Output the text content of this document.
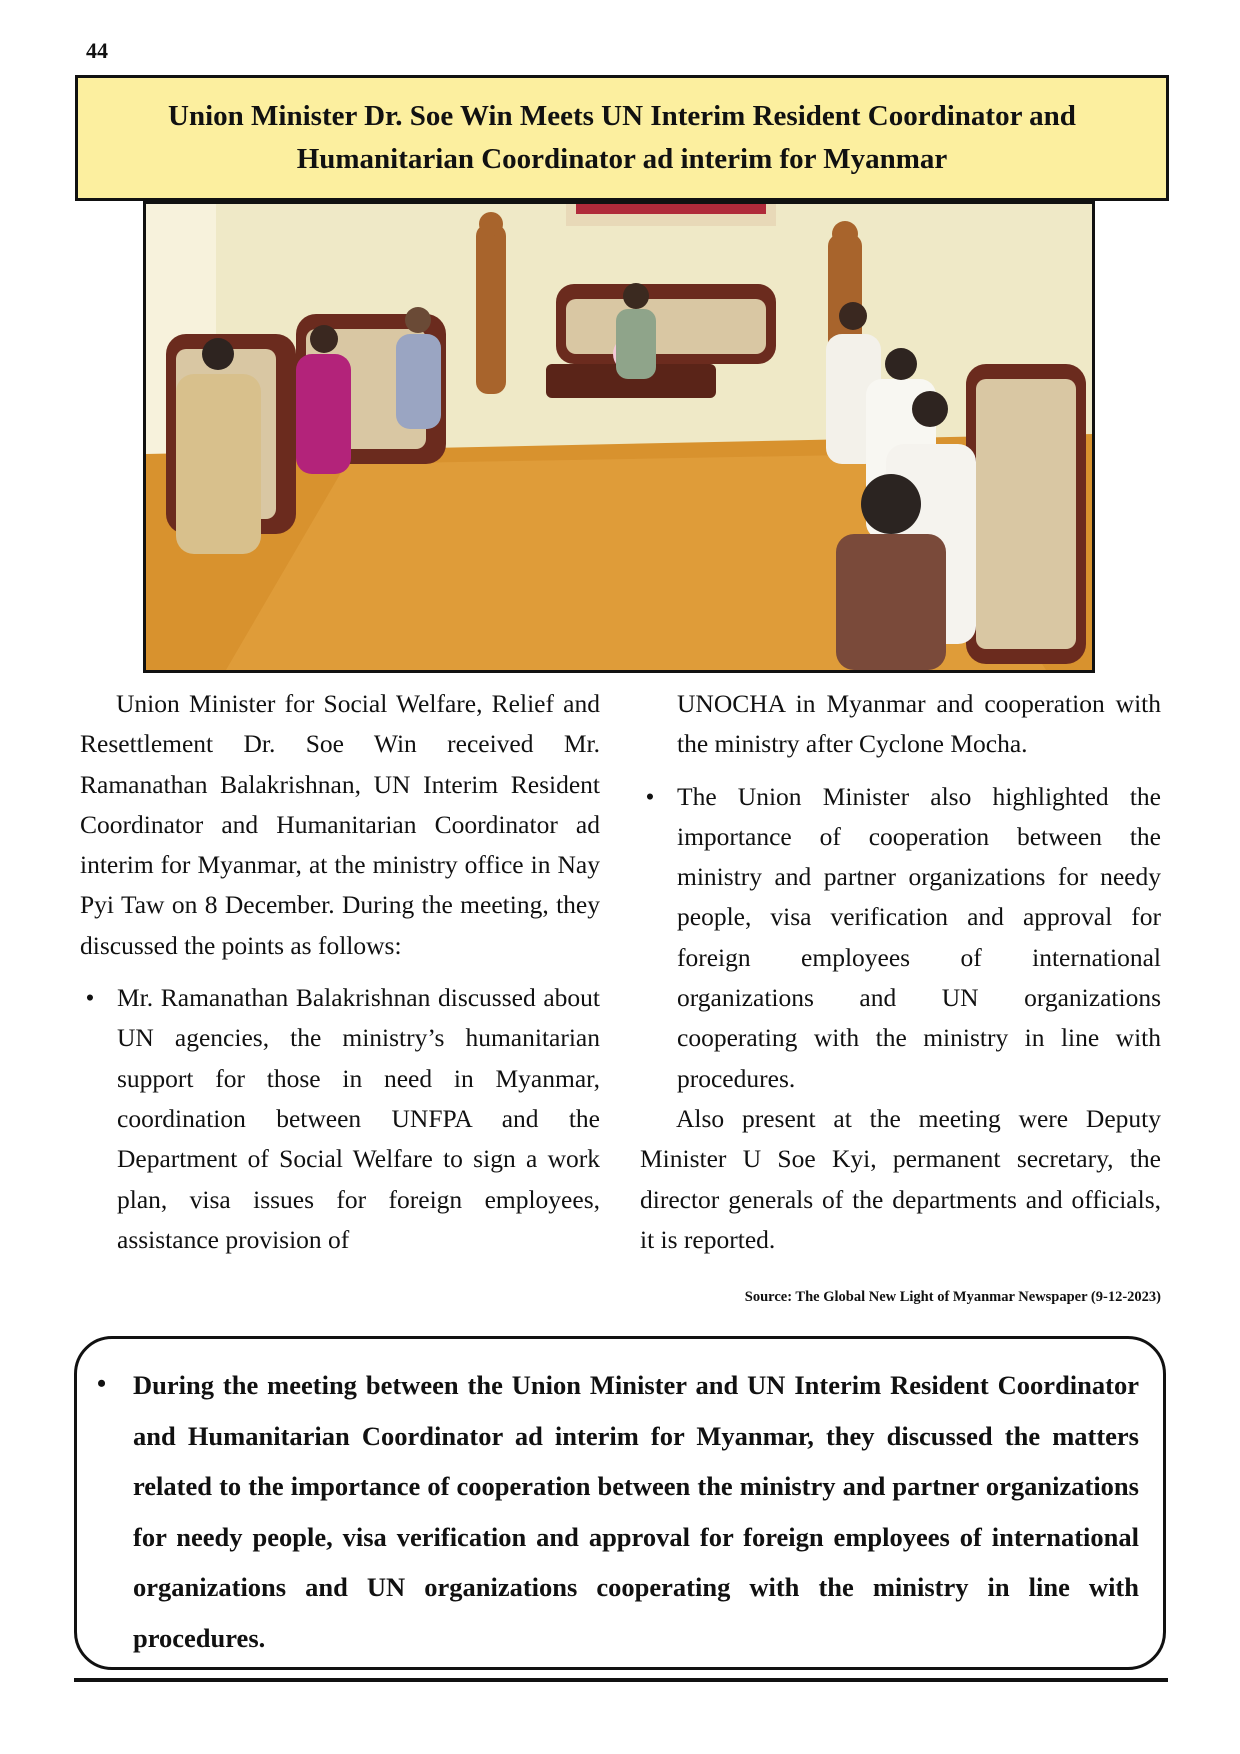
44
Union Minister Dr. Soe Win Meets UN Interim Resident Coordinator and
Humanitarian Coordinator ad interim for Myanmar

Union Minister for Social Welfare, Relief and Resettlement Dr. Soe Win received Mr. Ramanathan Balakrishnan, UN Interim Resident Coordinator and Humanitarian Coordinator ad interim for Myanmar, at the ministry office in Nay Pyi Taw on 8 December. During the meeting, they discussed the points as follows:

• Mr. Ramanathan Balakrishnan discussed about UN agencies, the ministry’s humanitarian support for those in need in Myanmar, coordination between UNFPA and the Department of Social Welfare to sign a work plan, visa issues for foreign employees, assistance provision of

UNOCHA in Myanmar and cooperation with the ministry after Cyclone Mocha.

• The Union Minister also highlighted the importance of cooperation between the ministry and partner organizations for needy people, visa verification and approval for foreign employees of international organizations and UN organizations cooperating with the ministry in line with procedures.

Also present at the meeting were Deputy Minister U Soe Kyi, permanent secretary, the director generals of the departments and officials, it is reported.

Source: The Global New Light of Myanmar Newspaper (9-12-2023)
• During the meeting between the Union Minister and UN Interim Resident Coordinator and Humanitarian Coordinator ad interim for Myanmar, they discussed the matters related to the importance of cooperation between the ministry and partner organizations for needy people, visa verification and approval for foreign employees of international organizations and UN organizations cooperating with the ministry in line with procedures.
